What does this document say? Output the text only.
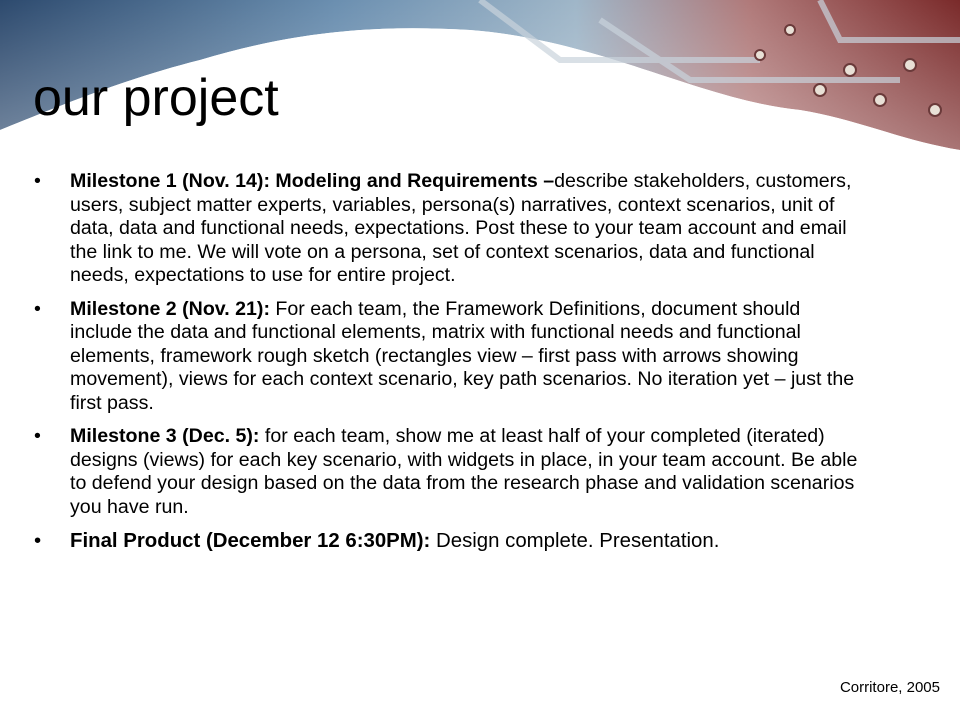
our project
• Milestone 1 (Nov. 14): Modeling and Requirements –describe stakeholders, customers, users, subject matter experts, variables, persona(s) narratives, context scenarios, unit of data, data and functional needs, expectations. Post these to your team account and email the link to me. We will vote on a persona, set of context scenarios, data and functional needs, expectations to use for entire project.
• Milestone 2 (Nov. 21): For each team, the Framework Definitions, document should include the data and functional elements, matrix with functional needs and functional elements, framework rough sketch (rectangles view – first pass with arrows showing movement), views for each context scenario, key path scenarios. No iteration yet – just the first pass.
• Milestone 3 (Dec. 5): for each team, show me at least half of your completed (iterated) designs (views) for each key scenario, with widgets in place, in your team account. Be able to defend your design based on the data from the research phase and validation scenarios you have run.
• Final Product (December 12 6:30PM): Design complete. Presentation.
Corritore, 2005
